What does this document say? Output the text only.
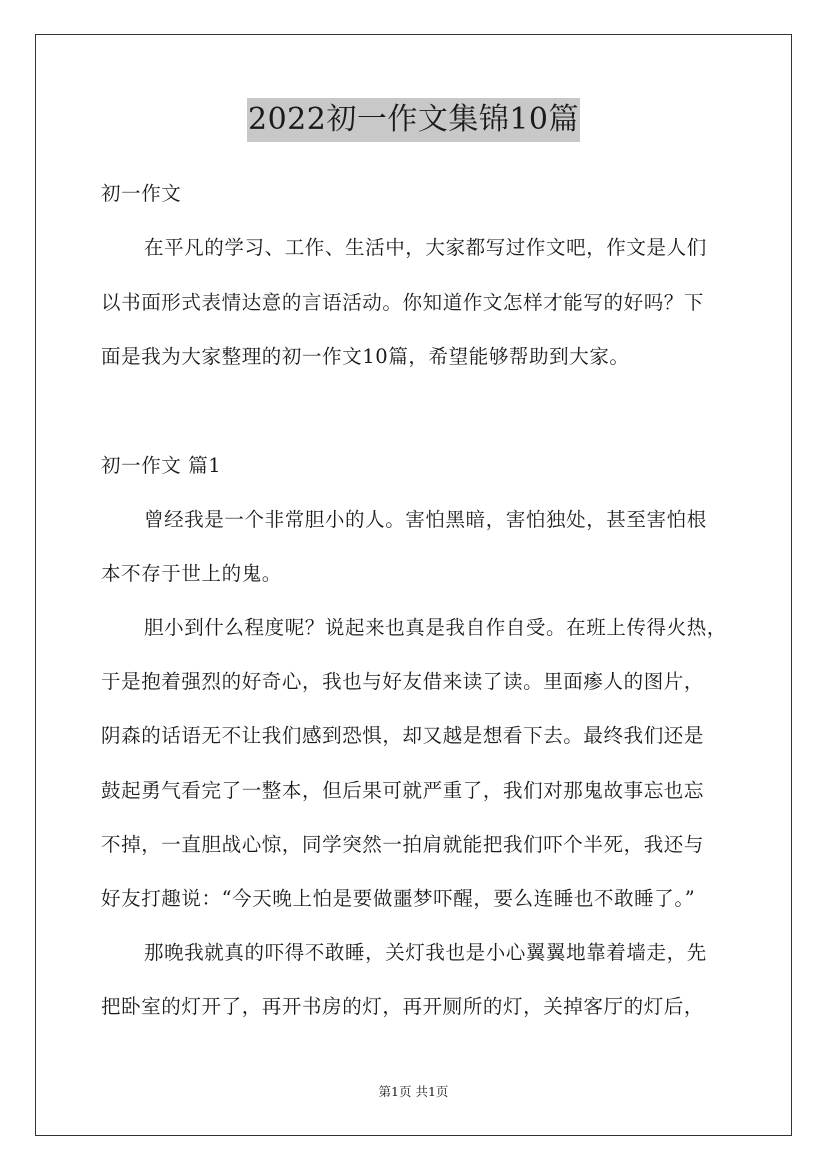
2022初一作文集锦10篇
初一作文
在平凡的学习、工作、生活中，大家都写过作文吧，作文是人们
以书面形式表情达意的言语活动。你知道作文怎样才能写的好吗？下
面是我为大家整理的初一作文10篇，希望能够帮助到大家。
初一作文 篇1
曾经我是一个非常胆小的人。害怕黑暗，害怕独处，甚至害怕根
本不存于世上的鬼。
胆小到什么程度呢？说起来也真是我自作自受。在班上传得火热，
于是抱着强烈的好奇心，我也与好友借来读了读。里面瘆人的图片，
阴森的话语无不让我们感到恐惧，却又越是想看下去。最终我们还是
鼓起勇气看完了一整本，但后果可就严重了，我们对那鬼故事忘也忘
不掉，一直胆战心惊，同学突然一拍肩就能把我们吓个半死，我还与
好友打趣说：“今天晚上怕是要做噩梦吓醒，要么连睡也不敢睡了。”
那晚我就真的吓得不敢睡，关灯我也是小心翼翼地靠着墙走，先
把卧室的灯开了，再开书房的灯，再开厕所的灯，关掉客厅的灯后，
第1页 共1页
